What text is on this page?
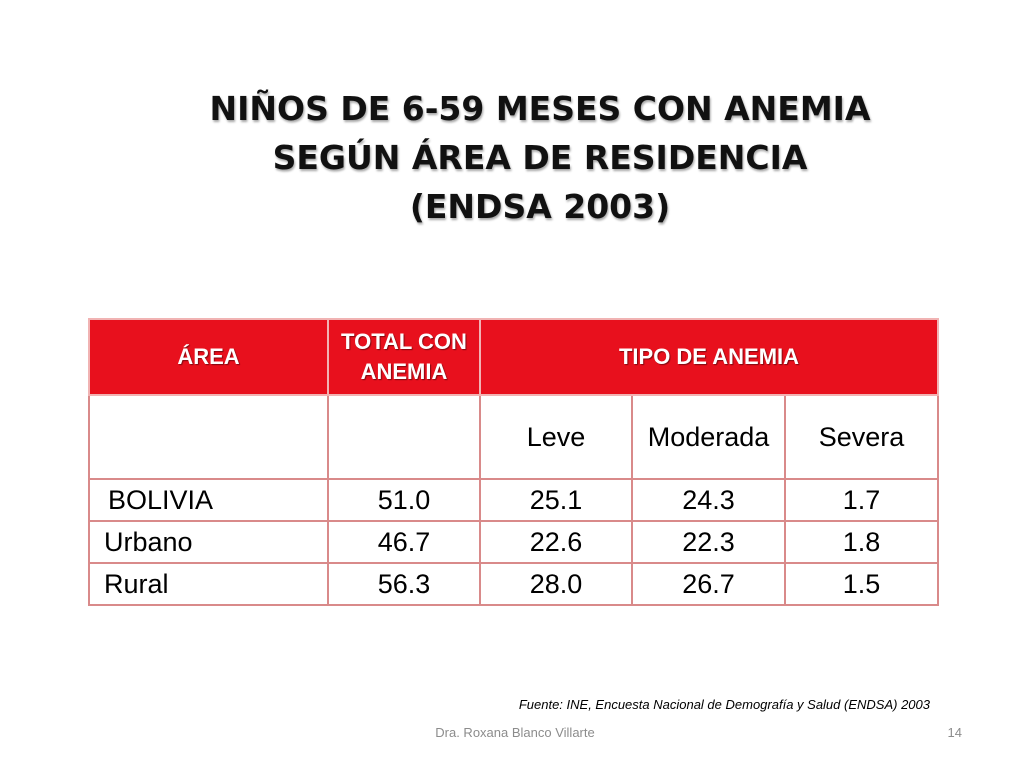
NIÑOS DE 6-59 MESES CON ANEMIA
SEGÚN ÁREA DE RESIDENCIA
(ENDSA 2003)
ÁREA	TOTAL CON ANEMIA	TIPO DE ANEMIA		
		Leve	Moderada	Severa
BOLIVIA	51.0	25.1	24.3	1.7
Urbano	46.7	22.6	22.3	1.8
Rural	56.3	28.0	26.7	1.5
Fuente: INE, Encuesta Nacional de Demografía y Salud (ENDSA) 2003
Dra. Roxana Blanco Villarte	14
